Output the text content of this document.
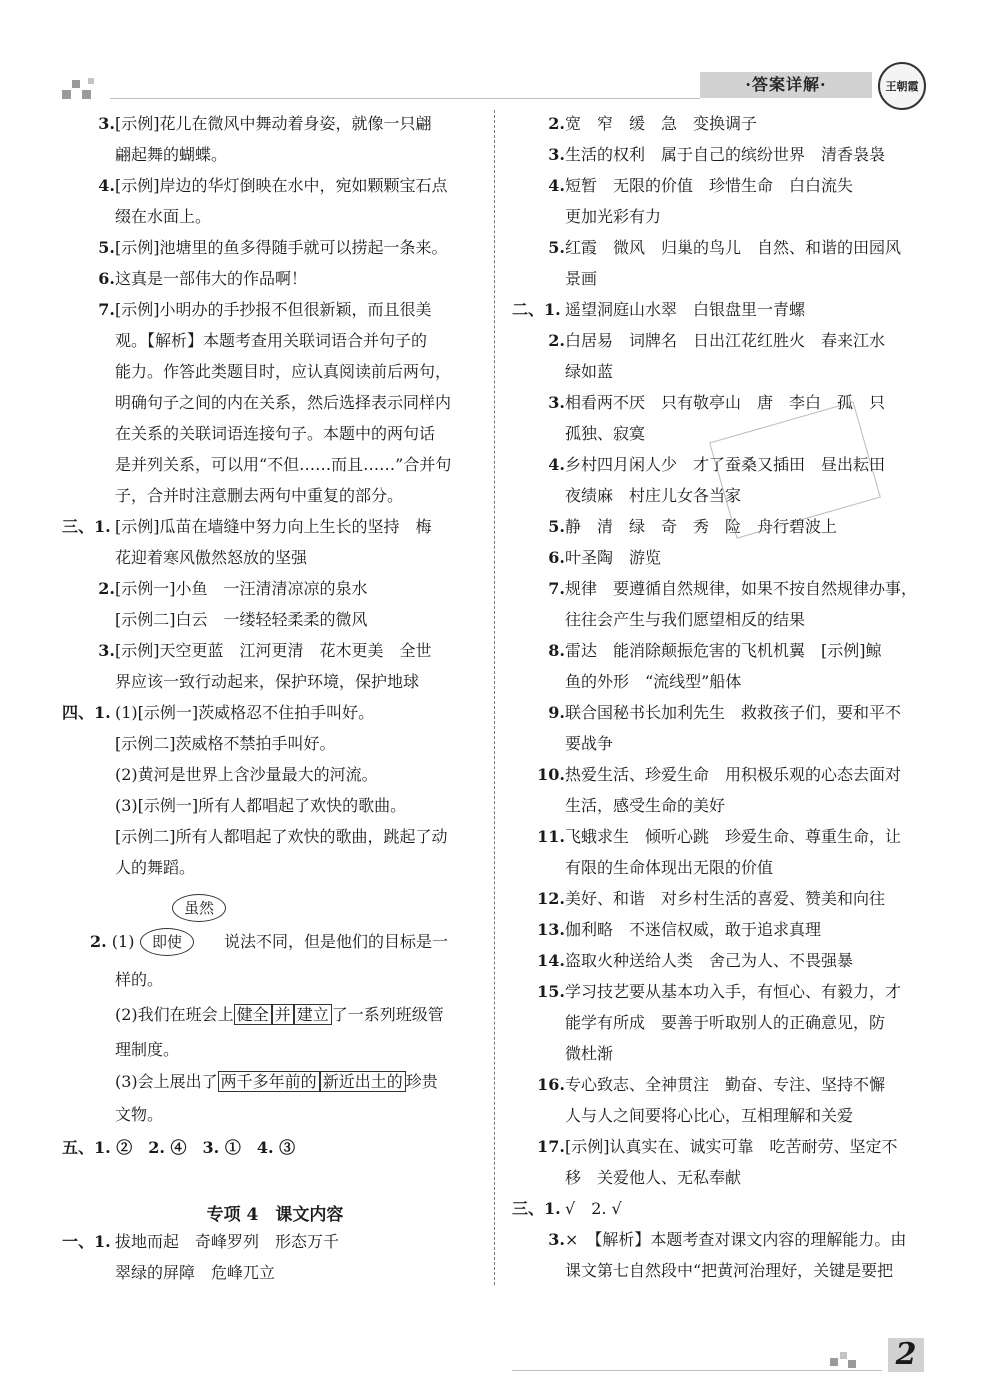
·答案详解·	王朝霞
虽然
即使
2. (1)	说法不同，但是他们的目标是一
样的。
(2)我们在班会上 健全 并 建立 了一系列班级管
理制度。
(3)会上展出了 两千多年前的 新近出土的 珍贵
文物。
五、1. ②　2. ④　3. ①　4. ③
专项 4　课文内容
2
3.[示例]花儿在微风中舞动着身姿，就像一只翩
翩起舞的蝴蝶。
4.[示例]岸边的华灯倒映在水中，宛如颗颗宝石点
缀在水面上。
5.[示例]池塘里的鱼多得随手就可以捞起一条来。
6.这真是一部伟大的作品啊！
7.[示例]小明办的手抄报不但很新颖，而且很美
观。【解析】本题考查用关联词语合并句子的
能力。作答此类题目时，应认真阅读前后两句，
明确句子之间的内在关系，然后选择表示同样内
在关系的关联词语连接句子。本题中的两句话
是并列关系，可以用“不但……而且……”合并句
子，合并时注意删去两句中重复的部分。
三、1. [示例]瓜苗在墙缝中努力向上生长的坚持　梅
花迎着寒风傲然怒放的坚强
2.[示例一]小鱼　一汪清清凉凉的泉水
[示例二]白云　一缕轻轻柔柔的微风
3.[示例]天空更蓝　江河更清　花木更美　全世
界应该一致行动起来，保护环境，保护地球
四、1. (1)[示例一]茨威格忍不住拍手叫好。
[示例二]茨威格不禁拍手叫好。
(2)黄河是世界上含沙量最大的河流。
(3)[示例一]所有人都唱起了欢快的歌曲。
[示例二]所有人都唱起了欢快的歌曲，跳起了动
人的舞蹈。
一、1. 拔地而起　奇峰罗列　形态万千
翠绿的屏障　危峰兀立
2.宽　窄　缓　急　变换调子
3.生活的权利　属于自己的缤纷世界　清香袅袅
4.短暂　无限的价值　珍惜生命　白白流失
更加光彩有力
5.红霞　微风　归巢的鸟儿　自然、和谐的田园风
景画
二、1. 遥望洞庭山水翠　白银盘里一青螺
2.白居易　词牌名　日出江花红胜火　春来江水
绿如蓝
3.相看两不厌　只有敬亭山　唐　李白　孤　只
孤独、寂寞
4.乡村四月闲人少　才了蚕桑又插田　昼出耘田
夜绩麻　村庄儿女各当家
5.静　清　绿　奇　秀　险　舟行碧波上
6.叶圣陶　游览
7.规律　要遵循自然规律，如果不按自然规律办事，
往往会产生与我们愿望相反的结果
8.雷达　能消除颠振危害的飞机机翼　[示例]鲸
鱼的外形　“流线型”船体
9.联合国秘书长加利先生　救救孩子们，要和平不
要战争
10.热爱生活、珍爱生命　用积极乐观的心态去面对
生活，感受生命的美好
11.飞蛾求生　倾听心跳　珍爱生命、尊重生命，让
有限的生命体现出无限的价值
12.美好、和谐　对乡村生活的喜爱、赞美和向往
13.伽利略　不迷信权威，敢于追求真理
14.盗取火种送给人类　舍己为人、不畏强暴
15.学习技艺要从基本功入手，有恒心、有毅力，才
能学有所成　要善于听取别人的正确意见，防
微杜渐
16.专心致志、全神贯注　勤奋、专注、坚持不懈
人与人之间要将心比心，互相理解和关爱
17.[示例]认真实在、诚实可靠　吃苦耐劳、坚定不
移　关爱他人、无私奉献
三、1. √　2. √
3.×　【解析】本题考查对课文内容的理解能力。由
课文第七自然段中“把黄河治理好，关键是要把
